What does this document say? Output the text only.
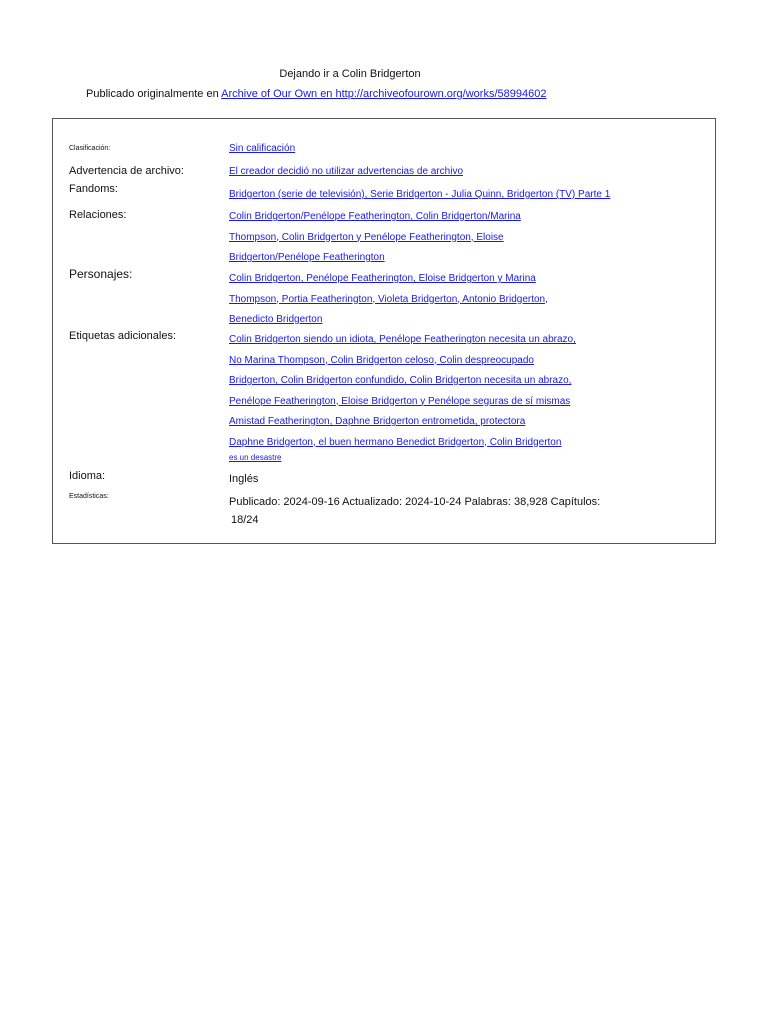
Dejando ir a Colin Bridgerton
Publicado originalmente en Archive of Our Own en http://archiveofourown.org/works/58994602
Clasificación:	Sin calificación
Advertencia de archivo:	El creador decidió no utilizar advertencias de archivo
Fandoms:	Bridgerton (serie de televisión), Serie Bridgerton - Julia Quinn, Bridgerton (TV) Parte 1
Relaciones:	Colin Bridgerton/Penélope Featherington, Colin Bridgerton/Marina
Thompson, Colin Bridgerton y Penélope Featherington, Eloise
Bridgerton/Penélope Featherington
Personajes:	Colin Bridgerton, Penélope Featherington, Eloise Bridgerton y Marina
Thompson, Portia Featherington, Violeta Bridgerton, Antonio Bridgerton,
Benedicto Bridgerton
Etiquetas adicionales:	Colin Bridgerton siendo un idiota, Penélope Featherington necesita un abrazo,
No Marina Thompson, Colin Bridgerton celoso, Colin despreocupado
Bridgerton, Colin Bridgerton confundido, Colin Bridgerton necesita un abrazo,
Penélope Featherington, Eloise Bridgerton y Penélope seguras de sí mismas
Amistad Featherington, Daphne Bridgerton entrometida, protectora
Daphne Bridgerton, el buen hermano Benedict Bridgerton, Colin Bridgerton
es un desastre
Idioma:	Inglés
Estadísticas:	Publicado: 2024-09-16 Actualizado: 2024-10-24 Palabras: 38,928 Capítulos:
18/24
